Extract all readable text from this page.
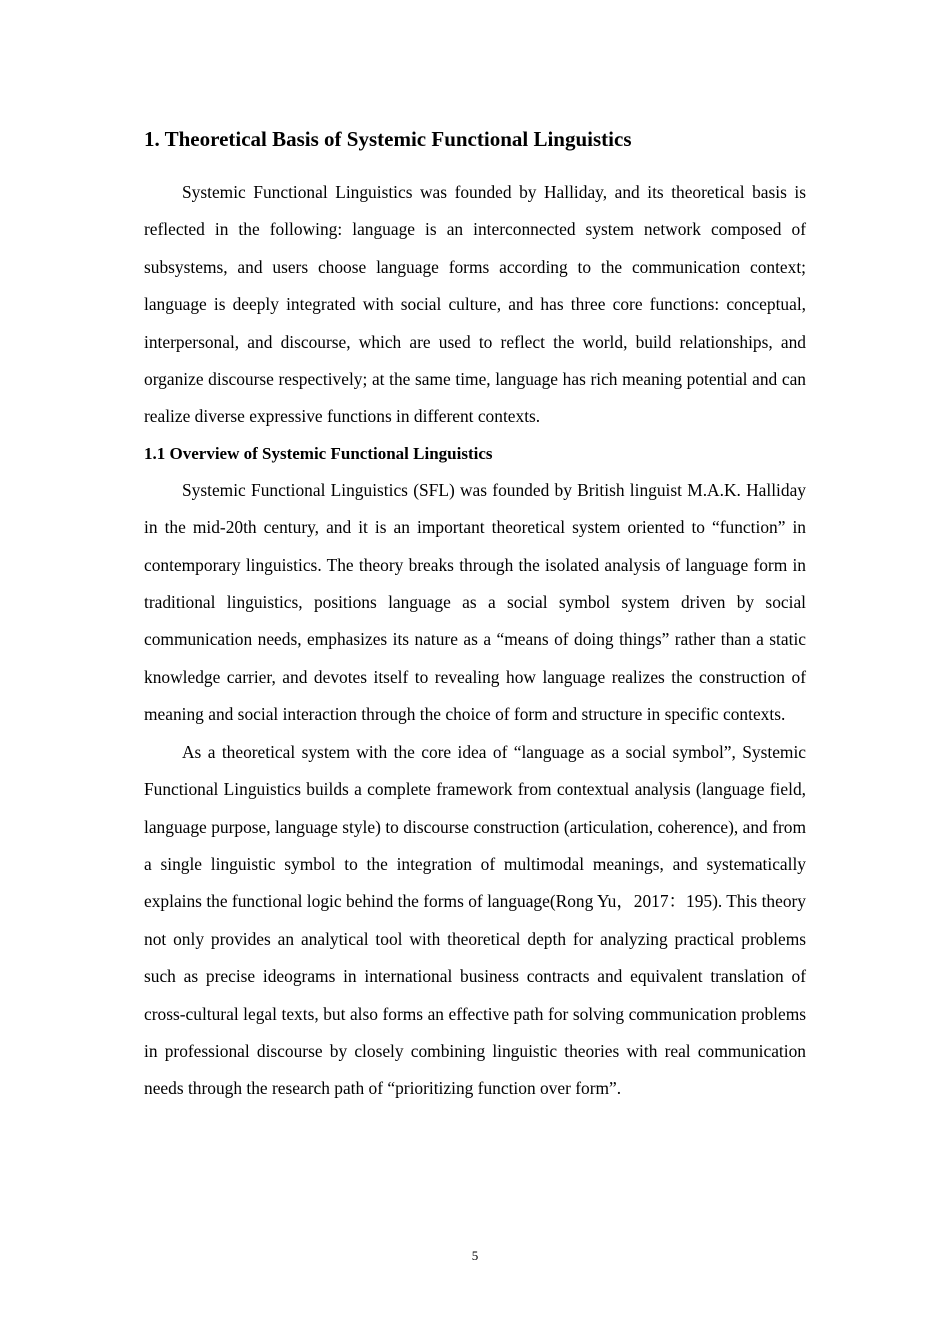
1. Theoretical Basis of Systemic Functional Linguistics

Systemic Functional Linguistics was founded by Halliday, and its theoretical basis is reflected in the following: language is an interconnected system network composed of subsystems, and users choose language forms according to the communication context; language is deeply integrated with social culture, and has three core functions: conceptual, interpersonal, and discourse, which are used to reflect the world, build relationships, and organize discourse respectively; at the same time, language has rich meaning potential and can realize diverse expressive functions in different contexts.

1.1 Overview of Systemic Functional Linguistics

Systemic Functional Linguistics (SFL) was founded by British linguist M.A.K. Halliday in the mid-20th century, and it is an important theoretical system oriented to “function” in contemporary linguistics. The theory breaks through the isolated analysis of language form in traditional linguistics, positions language as a social symbol system driven by social communication needs, emphasizes its nature as a “means of doing things” rather than a static knowledge carrier, and devotes itself to revealing how language realizes the construction of meaning and social interaction through the choice of form and structure in specific contexts.

As a theoretical system with the core idea of “language as a social symbol”, Systemic Functional Linguistics builds a complete framework from contextual analysis (language field, language purpose, language style) to discourse construction (articulation, coherence), and from a single linguistic symbol to the integration of multimodal meanings, and systematically explains the functional logic behind the forms of language(Rong Yu，2017：195). This theory not only provides an analytical tool with theoretical depth for analyzing practical problems such as precise ideograms in international business contracts and equivalent translation of cross-cultural legal texts, but also forms an effective path for solving communication problems in professional discourse by closely combining linguistic theories with real communication needs through the research path of “prioritizing function over form”.

5
